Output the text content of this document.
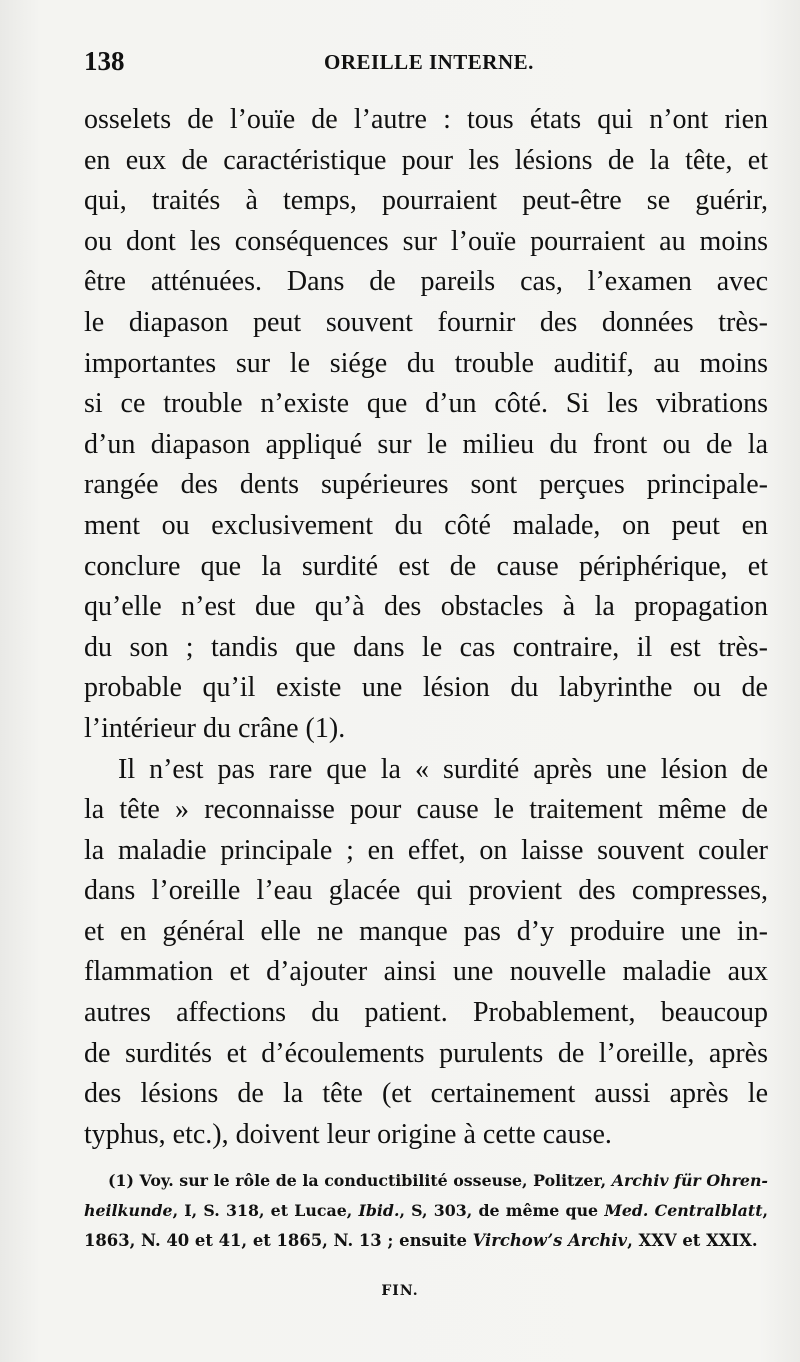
138	OREILLE INTERNE.
osselets de l’ouïe de l’autre : tous états qui n’ont rien
en eux de caractéristique pour les lésions de la tête, et
qui, traités à temps, pourraient peut-être se guérir,
ou dont les conséquences sur l’ouïe pourraient au moins
être atténuées. Dans de pareils cas, l’examen avec
le diapason peut souvent fournir des données très-
importantes sur le siége du trouble auditif, au moins
si ce trouble n’existe que d’un côté. Si les vibrations
d’un diapason appliqué sur le milieu du front ou de la
rangée des dents supérieures sont perçues principale-
ment ou exclusivement du côté malade, on peut en
conclure que la surdité est de cause périphérique, et
qu’elle n’est due qu’à des obstacles à la propagation
du son ; tandis que dans le cas contraire, il est très-
probable qu’il existe une lésion du labyrinthe ou de
l’intérieur du crâne (1).
Il n’est pas rare que la « surdité après une lésion de
la tête » reconnaisse pour cause le traitement même de
la maladie principale ; en effet, on laisse souvent couler
dans l’oreille l’eau glacée qui provient des compresses,
et en général elle ne manque pas d’y produire une in-
flammation et d’ajouter ainsi une nouvelle maladie aux
autres affections du patient. Probablement, beaucoup
de surdités et d’écoulements purulents de l’oreille, après
des lésions de la tête (et certainement aussi après le
typhus, etc.), doivent leur origine à cette cause.
(1) Voy. sur le rôle de la conductibilité osseuse, Politzer, Archiv für Ohren-
heilkunde, I, S. 318, et Lucae, Ibid., S, 303, de même que Med. Centralblatt,
1863, N. 40 et 41, et 1865, N. 13 ; ensuite Virchow’s Archiv, XXV et XXIX.
FIN.
